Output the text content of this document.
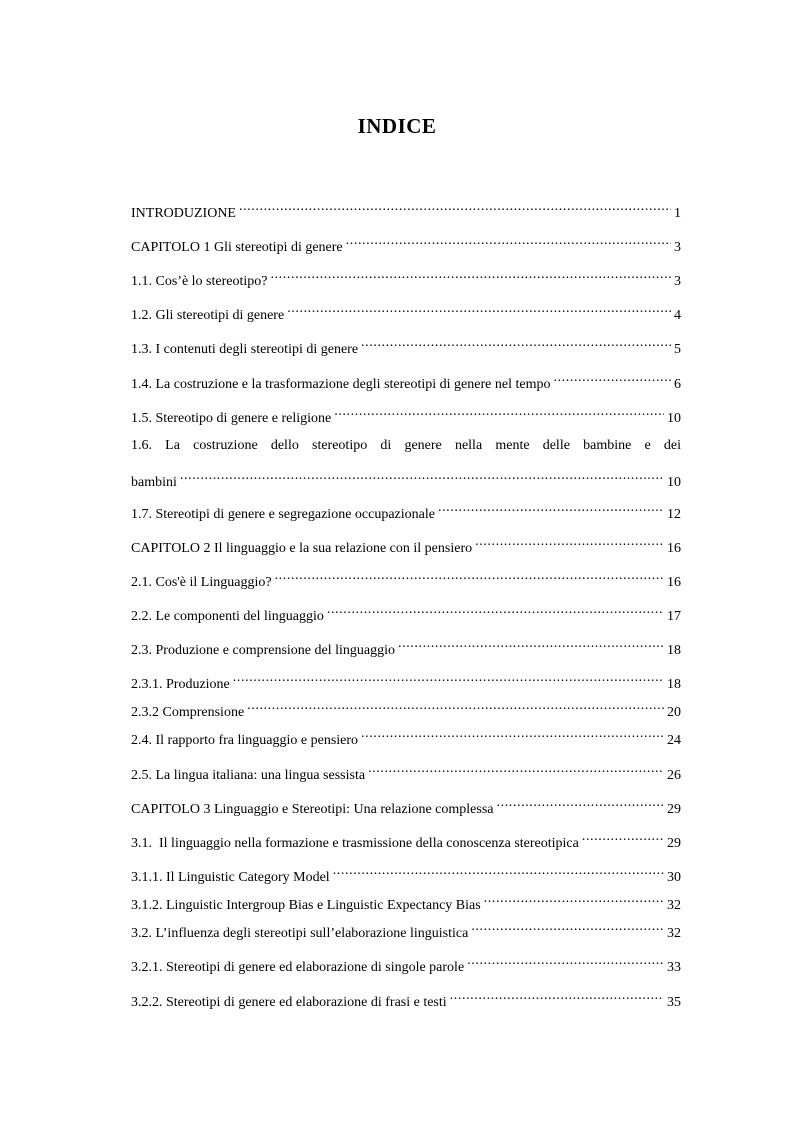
INDICE
INTRODUZIONE .....	1
CAPITOLO 1 Gli stereotipi di genere .....	3
1.1. Cos’è lo stereotipo? .....	3
1.2. Gli stereotipi di genere .....	4
1.3. I contenuti degli stereotipi di genere .....	5
1.4. La costruzione e la trasformazione degli stereotipi di genere nel tempo .....	6
1.5. Stereotipo di genere e religione .....	10
1.6. La costruzione dello stereotipo di genere nella mente delle bambine e dei
bambini .....	10
1.7. Stereotipi di genere e segregazione occupazionale .....	12
CAPITOLO 2 Il linguaggio e la sua relazione con il pensiero .....	16
2.1. Cos'è il Linguaggio? .....	16
2.2. Le componenti del linguaggio .....	17
2.3. Produzione e comprensione del linguaggio .....	18
2.3.1. Produzione .....	18
2.3.2 Comprensione .....	20
2.4. Il rapporto fra linguaggio e pensiero .....	24
2.5. La lingua italiana: una lingua sessista .....	26
CAPITOLO 3 Linguaggio e Stereotipi: Una relazione complessa .....	29
3.1.  Il linguaggio nella formazione e trasmissione della conoscenza stereotipica .....	29
3.1.1. Il Linguistic Category Model .....	30
3.1.2. Linguistic Intergroup Bias e Linguistic Expectancy Bias .....	32
3.2. L’influenza degli stereotipi sull’elaborazione linguistica .....	32
3.2.1. Stereotipi di genere ed elaborazione di singole parole .....	33
3.2.2. Stereotipi di genere ed elaborazione di frasi e testi .....	35
